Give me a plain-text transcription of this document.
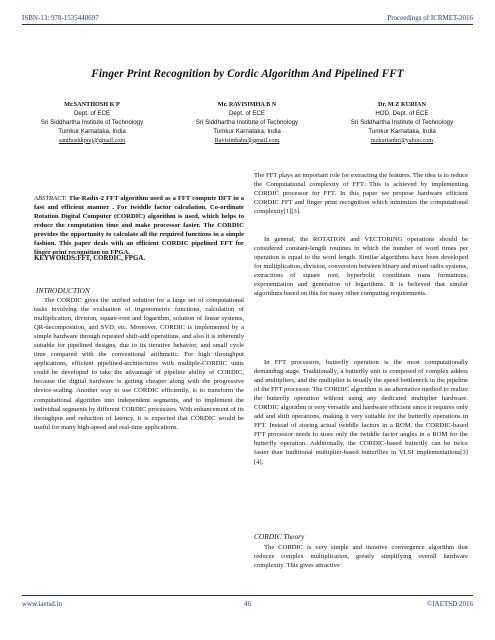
ISBN-13: 978-1535448697	Proceedings of ICRMET-2016
Finger Print Recognition by Cordic Algorithm And Pipelined FFT
Mr.SANTHOSH K P
Dept. of ECE
Sri Siddhartha Institute of Technology
Tumkur Karnataka, India
santhoshkpraj@gmail.com
Mr. RAVISIMHA B N
Dept. of ECE
Sri Siddhartha Institute of Technology
Tumkur Karnataka, India
Ravisimhabn@gmail.com
Dr. M Z KURIAN
HOD, Dept. of ECE
Sri Siddhartha Institute of Technology
Tumkur Karnataka, India
mzkurianbc@yahoo.com
ABSTRACT: The Radix-2 FFT algorithm used as a FFT compute DFT in a fast and efficient manner . For twiddle factor calculation, Co-ordinate Rotation Digital Computer (CORDIC) algorithm is used, which helps to reduce the computation time and make processor faster. The CORDIC provides the opportunity to calculate all the required functions in a simple fashion. This paper deals with an efficient CORDIC pipelined FFT for finger print recognition on FPGA.
KEYWORDS:FFT, CORDIC, FPGA.
INTRODUCTION
The CORDIC gives the unified solution for a large set of computational tasks involving the evaluation of trigonometric functions, calculation of multiplication, division, square-root and logarithm, solution of linear systems, QR-decomposition, and SVD, etc. Moreover, CORDIC is implemented by a simple hardware through repeated shift-add operations. and also it is inherently suitable for pipelined designs, due to its iterative behavior, and small cycle time compared with the conventional arithmetic. For high throughput applications, efficient pipelined-architectures with multiple-CORDIC units could be developed to take the advantage of pipeline ability of CORDIC, because the digital hardware is getting cheaper along with the progressive device-scaling. Another way to use CORDIC efficiently, is to transform the computational algorithm into independent segments, and to implement the individual segments by different CORDIC processors. With enhancement of its throughput and reduction of latency, it is expected that CORDIC would be useful for many high-speed and real-time applications.
The FFT plays an important role for extracting the features. The idea is to reduce the Computational complexity of FFT. This is achieved by implementing CORDIC processor for FFT. In this paper we propose hardware efficient CORDIC FFT and finger print recognition which minimizes the computational complexity[1][3].
In general, the ROTATION and VECTORING operations should be considered constant-length routines in which the number of word times per operation is equal to the word length. Similar algorithms have been developed for multiplication, division, conversion between binary and mixed radix systems, extractions of square root, hyperbolic coordinate trans formations, exponentiation and generation of logarithms. It is believed that similar algorithms based on this for many other computing requirements.
In FFT processors, butterfly operation is the most computationally demanding stage. Traditionally, a butterfly unit is composed of complex adders and multipliers, and the multiplier is usually the speed bottleneck in the pipeline of the FFT processor. The CORDIC algorithm is an alternative method to realize the butterfly operation without using any dedicated multiplier hardware. CORDIC algorithm is very versatile and hardware efficient since it requires only add and shift operations, making it very suitable for the butterfly operations in FFT. Instead of storing actual twiddle factors in a ROM, the CORDIC-based FFT processor needs to store only the twiddle factor angles in a ROM for the butterfly operation. Additionally, the CORDIC-based butterfly can be twice faster than traditional multiplier-based butterflies in VLSI implementations[3][4].
CORDIC Theory
The CORDIC is very simple and iterative convergence algorithm that reduces complex multiplication, greatly simplifying overall hardware complexity. This gives attractive
www.iaetsd.in	46	©IAETSD 2016
